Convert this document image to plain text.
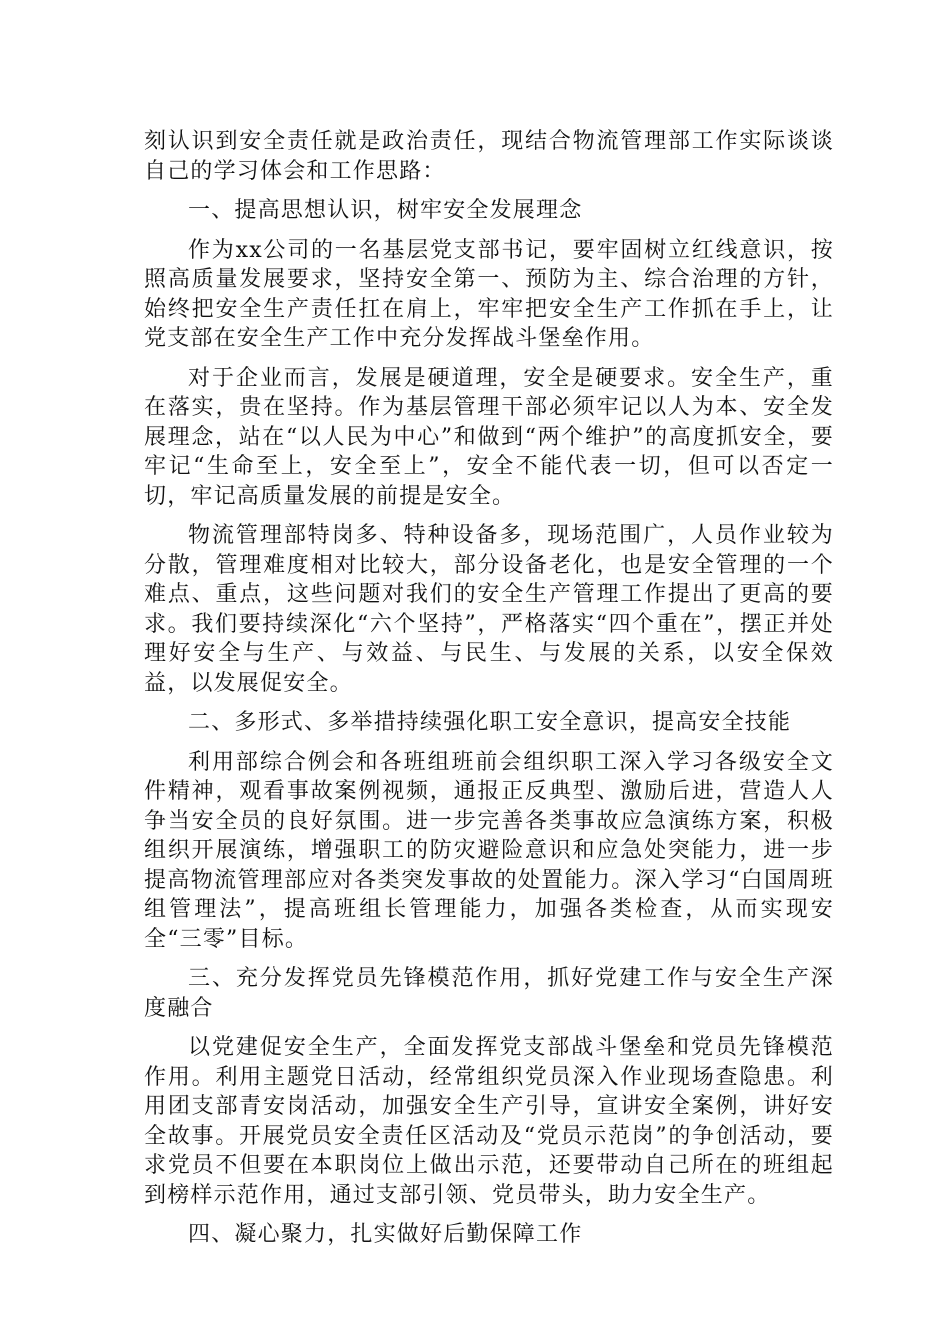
刻认识到安全责任就是政治责任，现结合物流管理部工作实际谈谈自己的学习体会和工作思路：

一、提高思想认识，树牢安全发展理念

作为xx公司的一名基层党支部书记，要牢固树立红线意识，按照高质量发展要求，坚持安全第一、预防为主、综合治理的方针，始终把安全生产责任扛在肩上，牢牢把安全生产工作抓在手上，让党支部在安全生产工作中充分发挥战斗堡垒作用。

对于企业而言，发展是硬道理，安全是硬要求。安全生产，重在落实，贵在坚持。作为基层管理干部必须牢记以人为本、安全发展理念，站在“以人民为中心”和做到“两个维护”的高度抓安全，要牢记“生命至上，安全至上”，安全不能代表一切，但可以否定一切，牢记高质量发展的前提是安全。

物流管理部特岗多、特种设备多，现场范围广，人员作业较为分散，管理难度相对比较大，部分设备老化，也是安全管理的一个难点、重点，这些问题对我们的安全生产管理工作提出了更高的要求。我们要持续深化“六个坚持”，严格落实“四个重在”，摆正并处理好安全与生产、与效益、与民生、与发展的关系，以安全保效益，以发展促安全。

二、多形式、多举措持续强化职工安全意识，提高安全技能

利用部综合例会和各班组班前会组织职工深入学习各级安全文件精神，观看事故案例视频，通报正反典型、激励后进，营造人人争当安全员的良好氛围。进一步完善各类事故应急演练方案，积极组织开展演练，增强职工的防灾避险意识和应急处突能力，进一步提高物流管理部应对各类突发事故的处置能力。深入学习“白国周班组管理法”，提高班组长管理能力，加强各类检查，从而实现安全“三零”目标。

三、充分发挥党员先锋模范作用，抓好党建工作与安全生产深度融合

以党建促安全生产，全面发挥党支部战斗堡垒和党员先锋模范作用。利用主题党日活动，经常组织党员深入作业现场查隐患。利用团支部青安岗活动，加强安全生产引导，宣讲安全案例，讲好安全故事。开展党员安全责任区活动及“党员示范岗”的争创活动，要求党员不但要在本职岗位上做出示范，还要带动自己所在的班组起到榜样示范作用，通过支部引领、党员带头，助力安全生产。

四、凝心聚力，扎实做好后勤保障工作
